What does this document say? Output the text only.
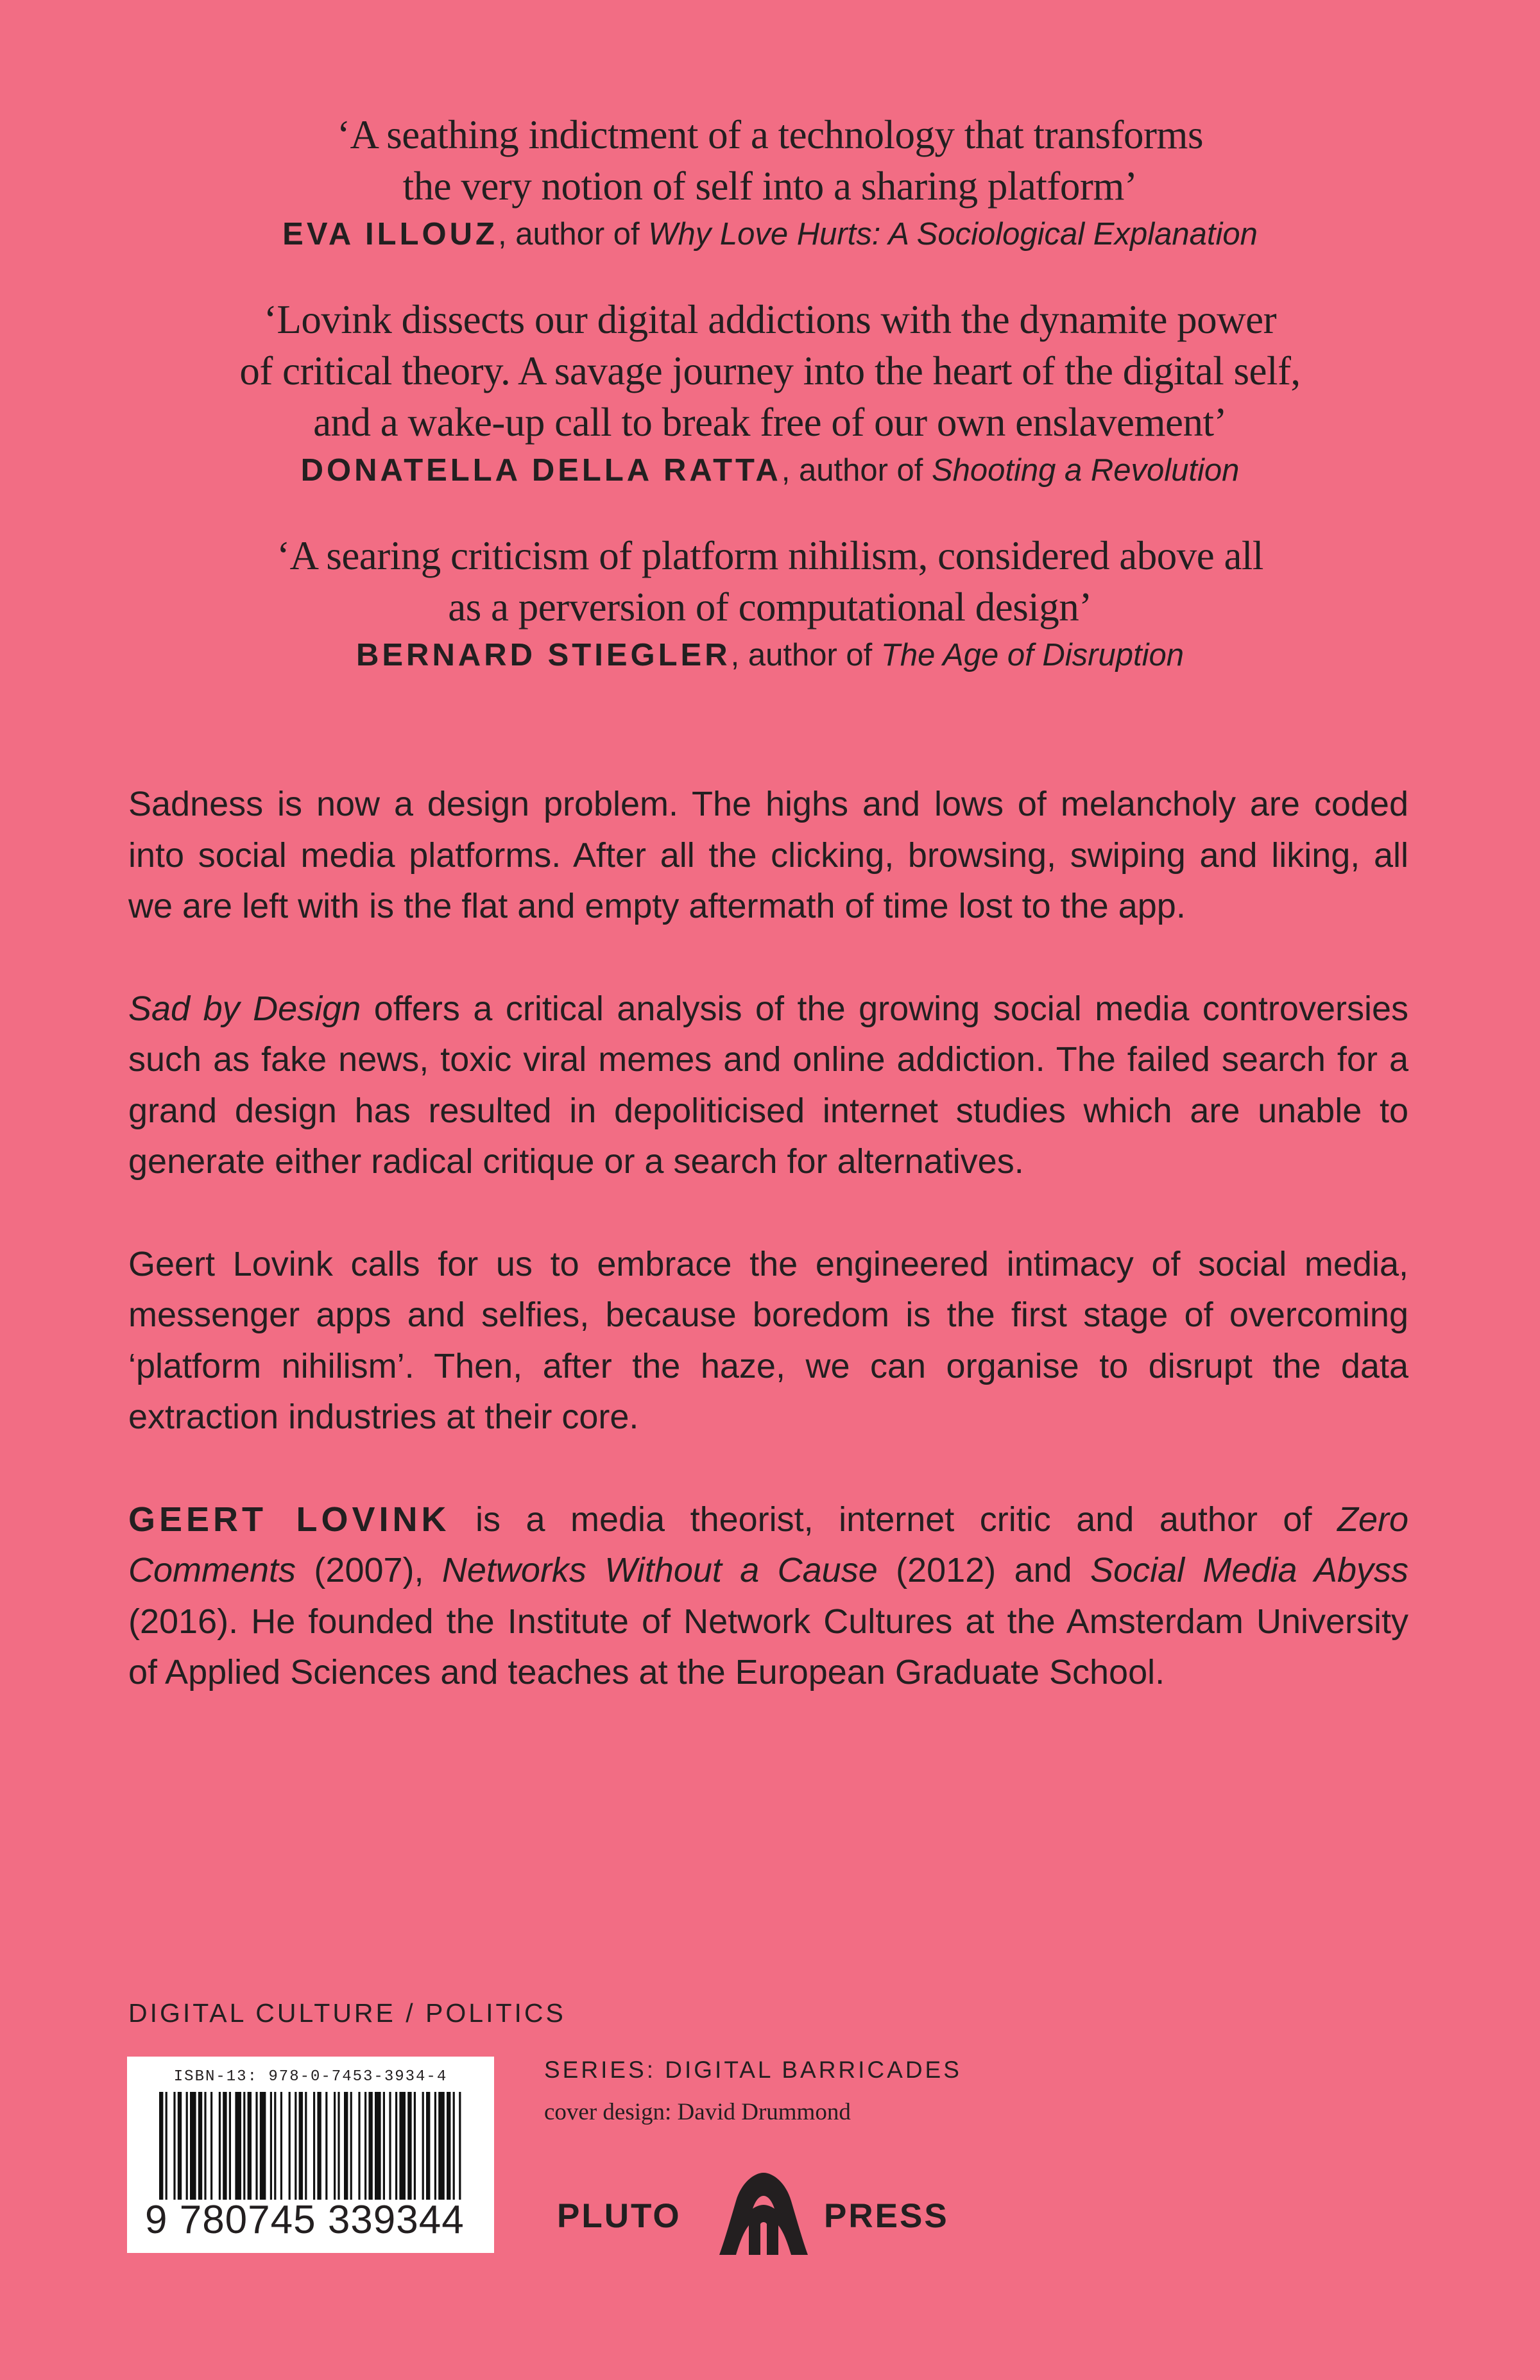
‘A seathing indictment of a technology that transforms
the very notion of self into a sharing platform’

EVA ILLOUZ, author of Why Love Hurts: A Sociological Explanation

‘Lovink dissects our digital addictions with the dynamite power
of critical theory. A savage journey into the heart of the digital self,
and a wake-up call to break free of our own enslavement’

DONATELLA DELLA RATTA, author of Shooting a Revolution

‘A searing criticism of platform nihilism, considered above all
as a perversion of computational design’

BERNARD STIEGLER, author of The Age of Disruption

Sadness is now a design problem. The highs and lows of melancholy are coded into social media platforms. After all the clicking, browsing, swiping and liking, all we are left with is the flat and empty aftermath of time lost to the app.

Sad by Design offers a critical analysis of the growing social media controversies such as fake news, toxic viral memes and online addiction. The failed search for a grand design has resulted in depoliticised internet studies which are unable to generate either radical critique or a search for alternatives.

Geert Lovink calls for us to embrace the engineered intimacy of social media, messenger apps and selfies, because boredom is the first stage of overcoming ‘platform nihilism’. Then, after the haze, we can organise to disrupt the data extraction industries at their core.

GEERT LOVINK is a media theorist, internet critic and author of Zero Comments (2007), Networks Without a Cause (2012) and Social Media Abyss (2016). He founded the Institute of Network Cultures at the Amsterdam University of Applied Sciences and teaches at the European Graduate School.

DIGITAL CULTURE / POLITICS
ISBN-13: 978-0-7453-3934-4
9 780745 339344
SERIES: DIGITAL BARRICADES
cover design: David Drummond
PLUTO	PRESS
